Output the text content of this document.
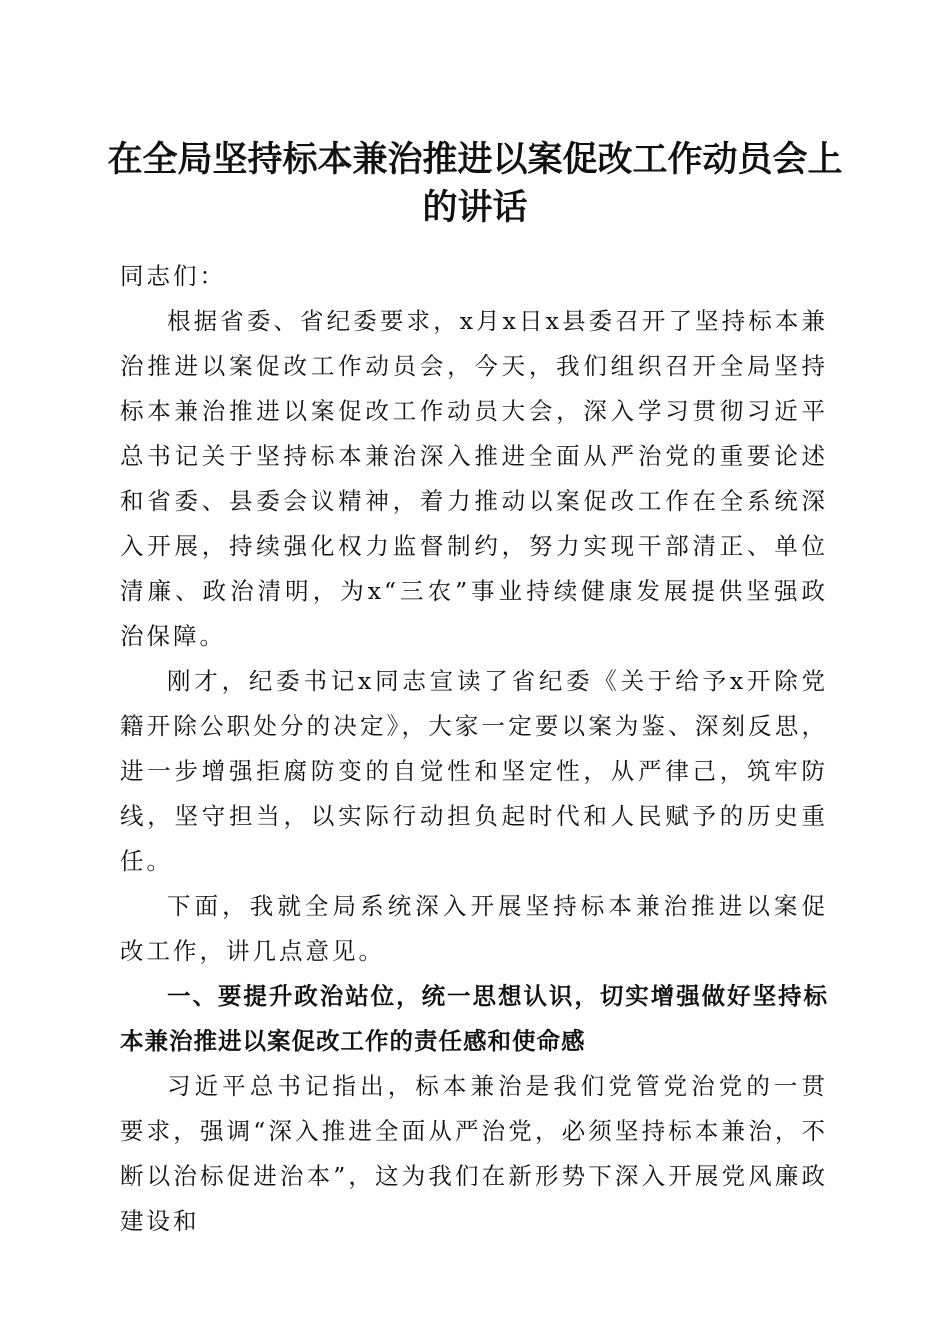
在全局坚持标本兼治推进以案促改工作动员会上的讲话

同志们：

根据省委、省纪委要求，x月x日x县委召开了坚持标本兼治推进以案促改工作动员会，今天，我们组织召开全局坚持标本兼治推进以案促改工作动员大会，深入学习贯彻习近平总书记关于坚持标本兼治深入推进全面从严治党的重要论述和省委、县委会议精神，着力推动以案促改工作在全系统深入开展，持续强化权力监督制约，努力实现干部清正、单位清廉、政治清明，为x“三农”事业持续健康发展提供坚强政治保障。

刚才，纪委书记x同志宣读了省纪委《关于给予x开除党籍开除公职处分的决定》，大家一定要以案为鉴、深刻反思，进一步增强拒腐防变的自觉性和坚定性，从严律己，筑牢防线，坚守担当，以实际行动担负起时代和人民赋予的历史重任。

下面，我就全局系统深入开展坚持标本兼治推进以案促改工作，讲几点意见。

一、要提升政治站位，统一思想认识，切实增强做好坚持标本兼治推进以案促改工作的责任感和使命感

习近平总书记指出，标本兼治是我们党管党治党的一贯要求，强调“深入推进全面从严治党，必须坚持标本兼治，不断以治标促进治本”，这为我们在新形势下深入开展党风廉政建设和
